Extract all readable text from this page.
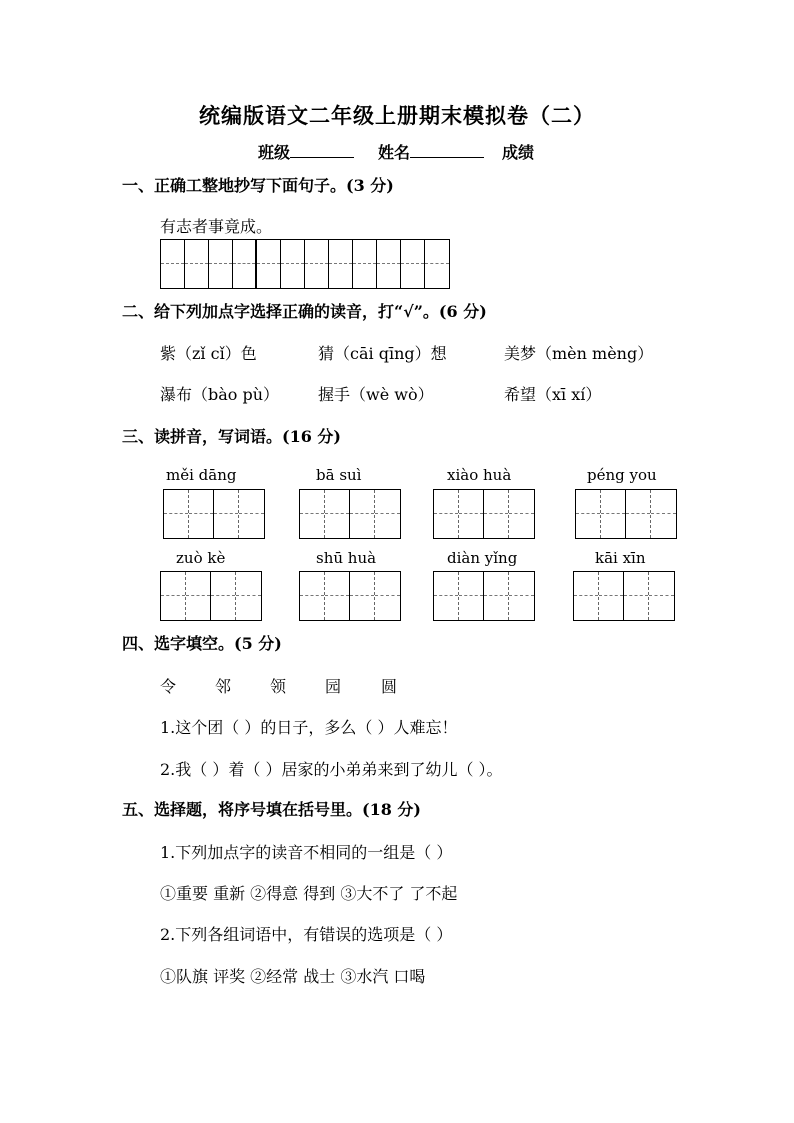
统编版语文二年级上册期末模拟卷（二）
班级	姓名	成绩
一、正确工整地抄写下面句子。(3 分)
有志者事竟成。
二、给下列加点字选择正确的读音，打“√”。(6 分)
紫（zǐ cǐ）色	猜（cāi qīng）想	美梦（mèn mèng）
瀑布（bào pù） 握手（wè wò）	希望（xī xí）
三、读拼音，写词语。(16 分)
měi dāng	bā suì	xiào huà	péng you
zuò kè	shū huà	diàn yǐng	kāi xīn
四、选字填空。(5 分)
令 邻 领 园 圆
1.这个团（ ）的日子，多么（ ）人难忘！
2.我（ ）着（ ）居家的小弟弟来到了幼儿（ ）。
五、选择题，将序号填在括号里。(18 分)
1.下列加点字的读音不相同的一组是（ ）
①重要 重新 ②得意 得到 ③大不了 了不起
2.下列各组词语中，有错误的选项是（ ）
①队旗 评奖 ②经常 战士 ③水汽 口喝
